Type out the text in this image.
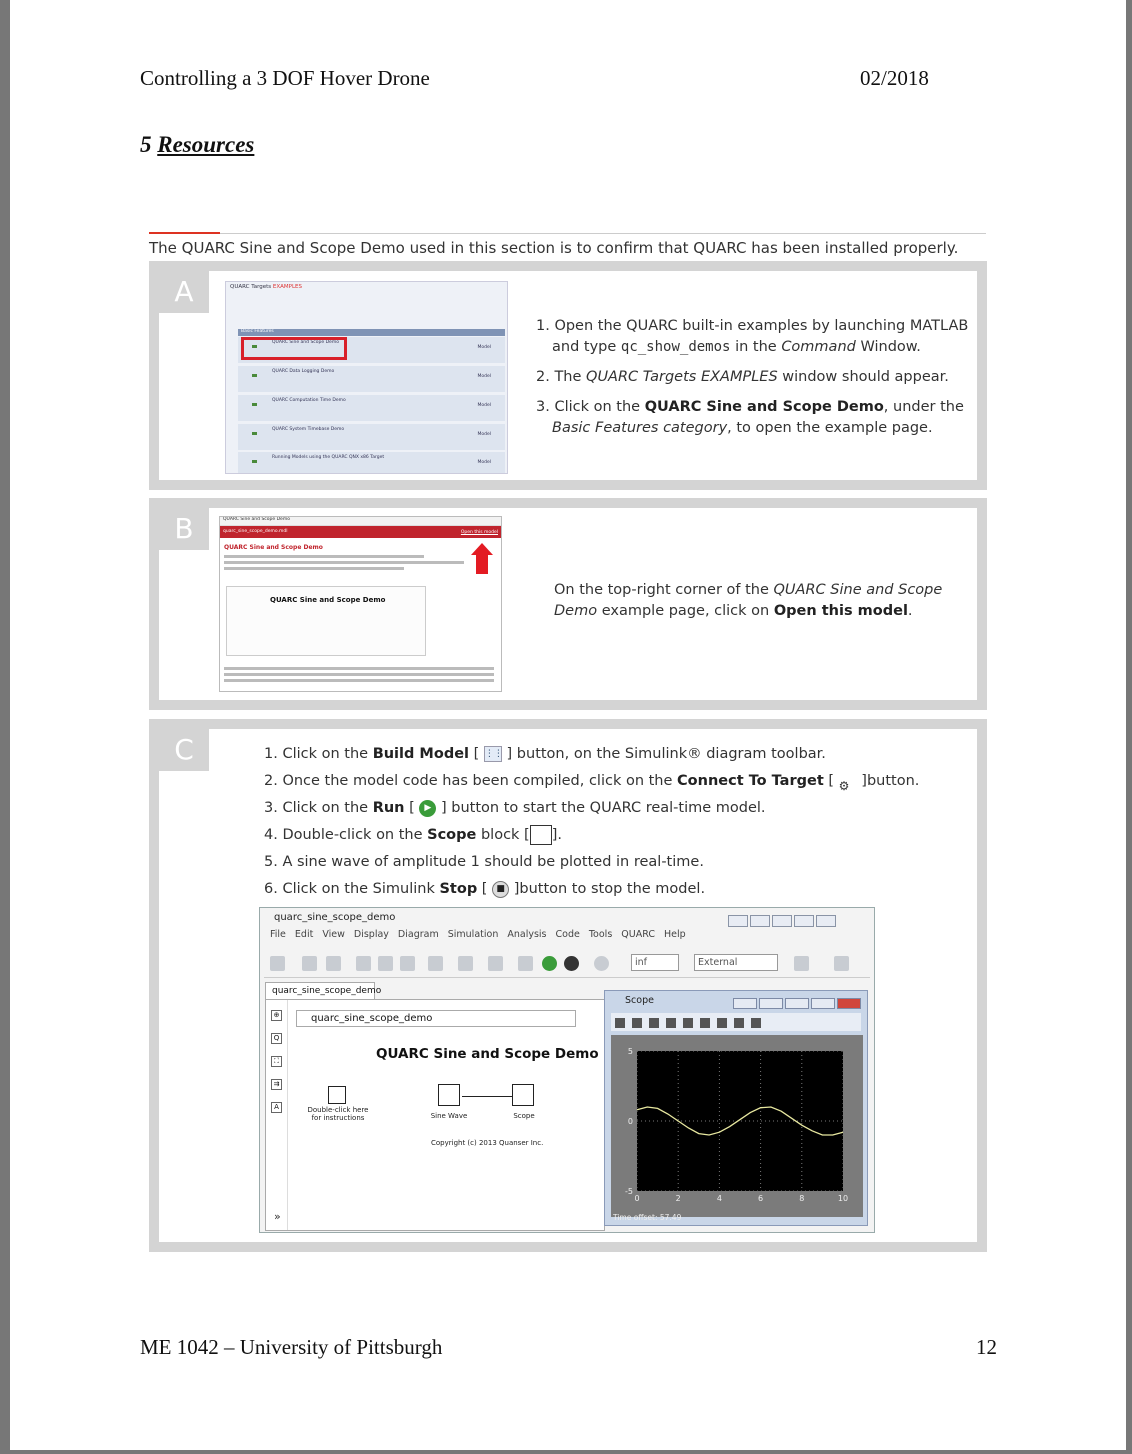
Controlling a 3 DOF Hover Drone	02/2018
5 Resources
The QUARC Sine and Scope Demo used in this section is to confirm that QUARC has been installed properly.
QUARC Targets EXAMPLES
Basic Features
QUARC Sine and Scope Demo
Model
QUARC Data Logging Demo
Model
QUARC Computation Time Demo
Model
QUARC System Timebase Demo
Model
Running Models using the QUARC QNX x86 Target
Model

1. Open the QUARC built-in examples by launching MATLAB

and type qc_show_demos in the Command Window.

2. The QUARC Targets EXAMPLES window should appear.

3. Click on the QUARC Sine and Scope Demo, under the

Basic Features category, to open the example page.

A
QUARC Sine and Scope Demo
quarc_sine_scope_demo.mdl	Open this model
QUARC Sine and Scope Demo
QUARC Sine and Scope Demo
On the top-right corner of the QUARC Sine and Scope
Demo example page, click on Open this model.
B
1. Click on the Build Model [ ⋮⋮ ] button, on the Simulink® diagram toolbar.
2. Once the model code has been compiled, click on the Connect To Target [ ⚙ ]button.
3. Click on the Run [ ▶ ] button to start the QUARC real-time model.
4. Double-click on the Scope block [ ].
5. A sine wave of amplitude 1 should be plotted in real-time.
6. Click on the Simulink Stop [ ■ ]button to stop the model.
quarc_sine_scope_demo
File Edit View Display Diagram Simulation Analysis Code Tools QUARC Help
inf	External
quarc_sine_scope_demo
⊕
Q
⛶
⇉
A
quarc_sine_scope_demo
QUARC Sine and Scope Demo
Double-click here for instructions	Sine Wave	Scope
Copyright (c) 2013 Quanser Inc.
»
Scope
0	2	4	6	8	10
5
0
-5
Time offset: 57.49
C
ME 1042 – University of Pittsburgh	12
